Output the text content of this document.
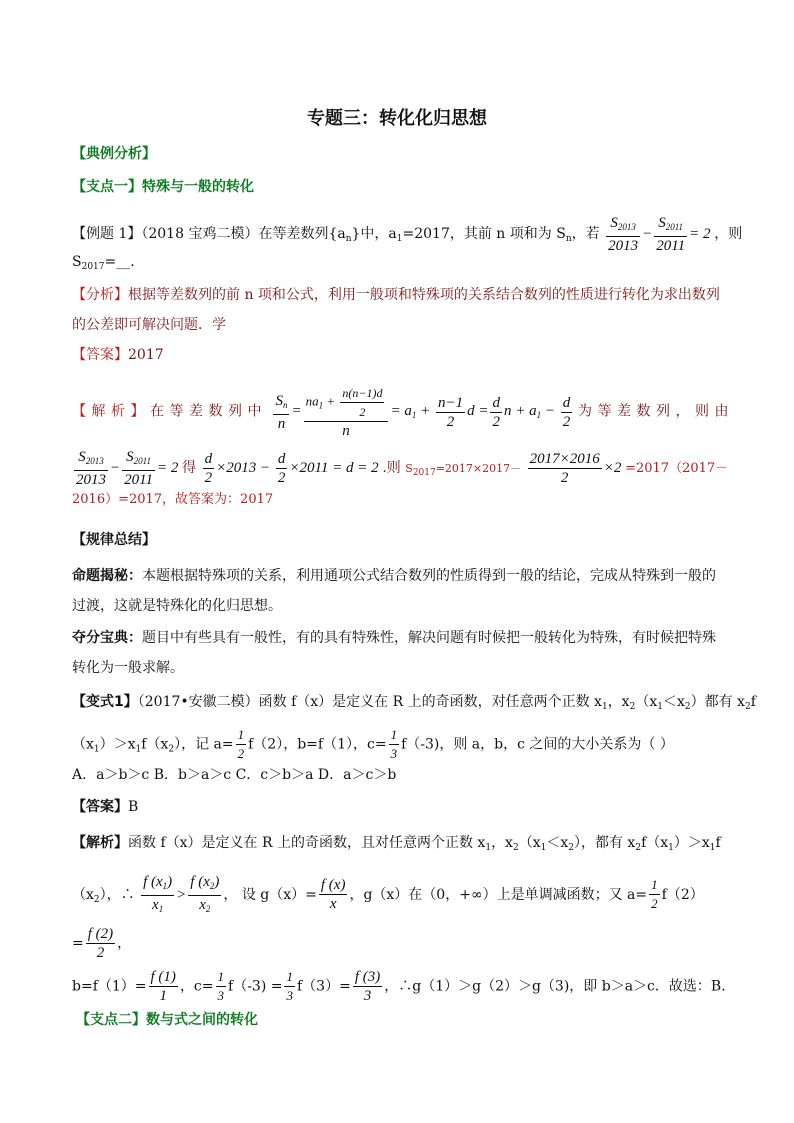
专题三：转化化归思想
【典例分析】
【支点一】特殊与一般的转化
【例题 1】（2018 宝鸡二模）在等差数列$\{a_n\}$中，$a_1=2017$，其前 n 项和为 $S_n$，若 $\frac{S_{2013}}{2013} - \frac{S_{2011}}{2011} = 2$ ，则
$S_{2017}=\_\_$.
【分析】根据等差数列的前 n 项和公式，利用一般项和特殊项的关系结合数列的性质进行转化为求出数列
的公差即可解决问题．学
【答案】2017
【解析】在等差数列中 $\frac{S_n}{n} = \frac{na_1 + \frac{n(n-1)d}{2}}{n} = a_1 + \frac{n-1}{2}$ $d = \frac{d}{2}$ $n + a_1 - \frac{d}{2}$ 为等差数列，则由
$\frac{S_{2013}}{2013} - \frac{S_{2011}}{2011} = 2$ 得 $\frac{d}{2} \times 2013 - \frac{d}{2} \times 2011 = d = 2$ .则 $S_{2017}=2017\times 2017- \frac{2017\times 2016}{2} \times 2 =2017(2017-$
2016）=2017，故答案为：2017
【规律总结】
命题揭秘：本题根据特殊项的关系，利用通项公式结合数列的性质得到一般的结论，完成从特殊到一般的
过渡，这就是特殊化的化归思想。
夺分宝典：题目中有些具有一般性，有的具有特殊性，解决问题有时候把一般转化为特殊，有时候把特殊
转化为一般求解。
【变式1】（2017•安徽二模）函数 f（x）是定义在 R 上的奇函数，对任意两个正数 $x_1$，$x_2(x_1<x_2)$都有 $x_2f$
$(x_1)>x_1f(x_2)$，记 $a= \frac{1}{2} f(2)$，b=f（1），$c= \frac{1}{3} f(-3)$，则 a，b，c 之间的大小关系为（ ）
A．a＞b＞c B．b＞a＞c C．c＞b＞a D．a＞c＞b
【答案】B
【解析】函数 f（x）是定义在 R 上的奇函数，且对任意两个正数 $x_1$，$x_2(x_1<x_2)$，都有 $x_2f(x_1)>x_1f$
$(x_2)$，∴ $\frac{f (x_1)}{x_1} > \frac{f (x_2)}{x_2}$ ， 设 $g(x)= \frac{f (x)}{x}$ ，g（x）在（0，+∞）上是单调减函数；又 $a= \frac{1}{2} f(2)$
= $\frac{f (2)}{2}$ ，
$b=f(1)= \frac{f (1)}{1}$ ，$c= \frac{1}{3} f(-3) = \frac{1}{3} f(3)= \frac{f (3)}{3}$ ，∴g（1）＞g（2）＞g（3)，即 b＞a＞c．故选：B．
【支点二】数与式之间的转化
